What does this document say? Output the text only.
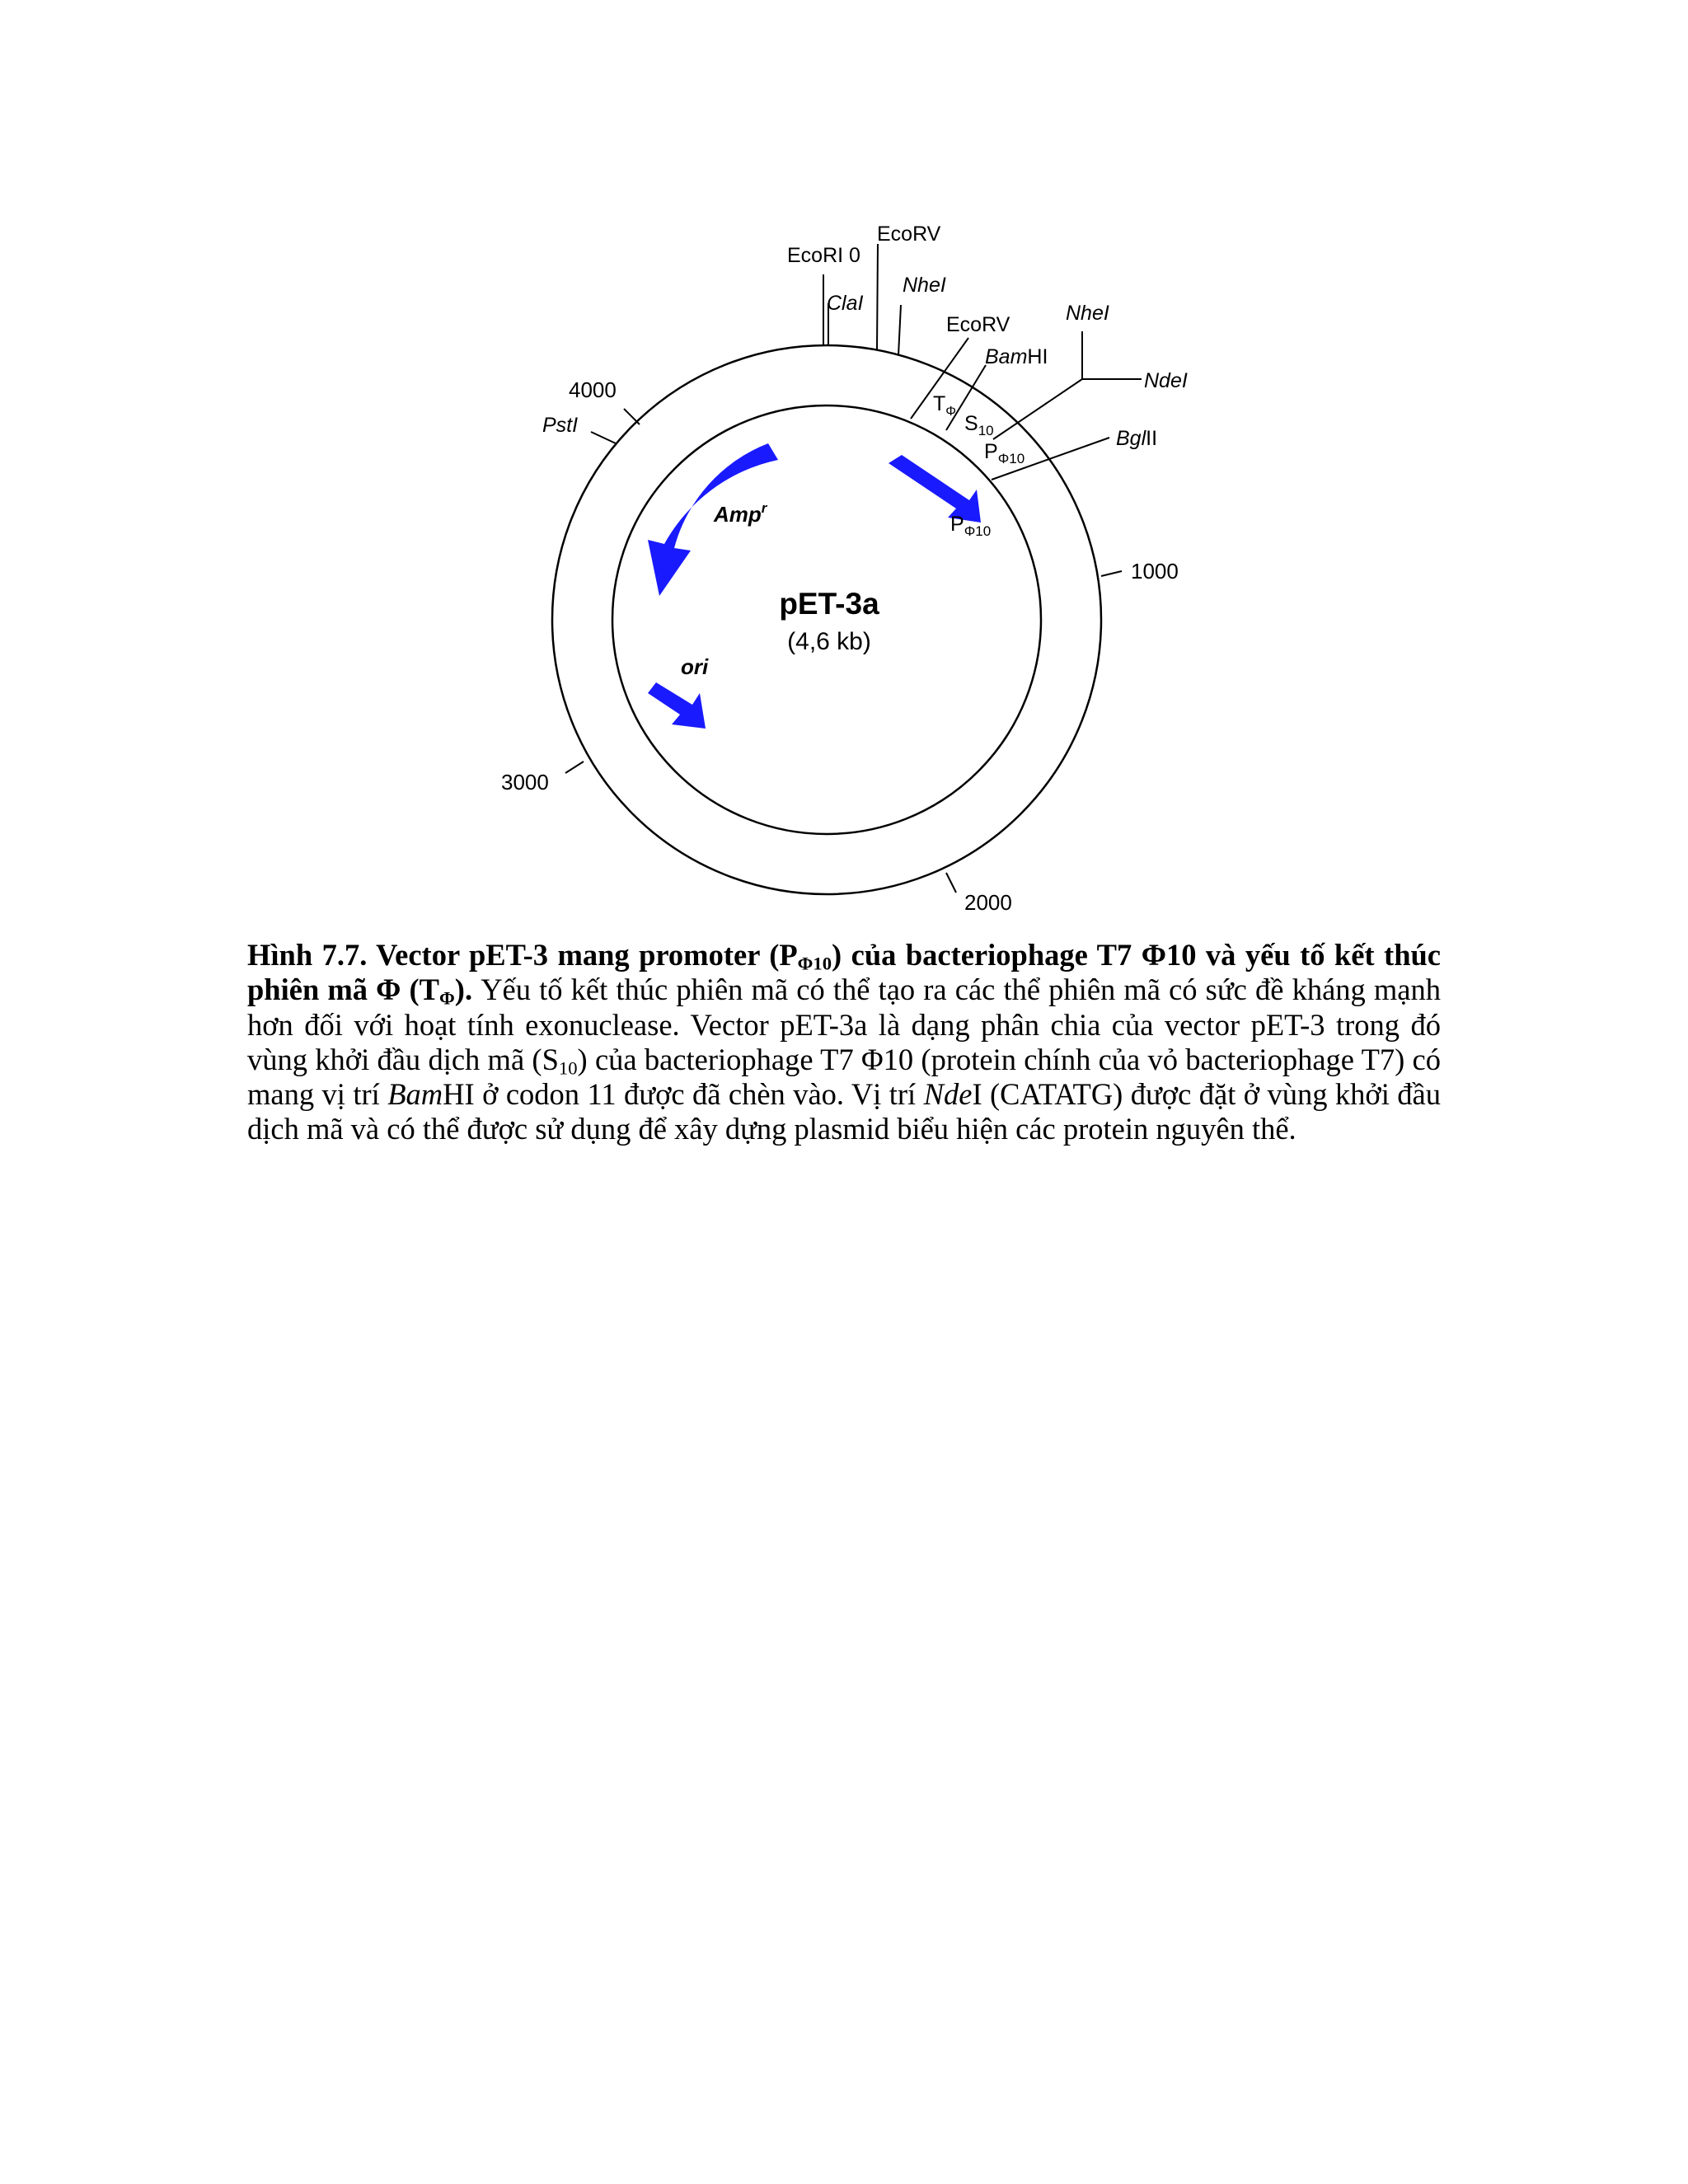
4000
1000
3000
2000
EcoRI 0
EcoRV
ClaI
NheI
EcoRV
BamHI
NheI
NdeI
BglII
PstI
$T_\Phi$
$S_{10}$
$P_{\Phi 10}$
Amp$^r$
$P_{\Phi 10}$
ori
pET-3a
(4,6 kb)
Hình 7.7. Vector pET-3 mang promoter $(P_{\Phi 10})$ của bacteriophage T7 Φ10 và yếu tố kết thúc phiên mã Φ $(T_\Phi)$. Yếu tố kết thúc phiên mã có thể tạo ra các thể phiên mã có sức đề kháng mạnh hơn đối với hoạt tính exonuclease. Vector pET-3a là dạng phân chia của vector pET-3 trong đó vùng khởi đầu dịch mã $(S_{10})$ của bacteriophage T7 Φ10 (protein chính của vỏ bacteriophage T7) có mang vị trí BamHI ở codon 11 được đã chèn vào. Vị trí NdeI (CATATG) được đặt ở vùng khởi đầu dịch mã và có thể được sử dụng để xây dựng plasmid biểu hiện các protein nguyên thể.
